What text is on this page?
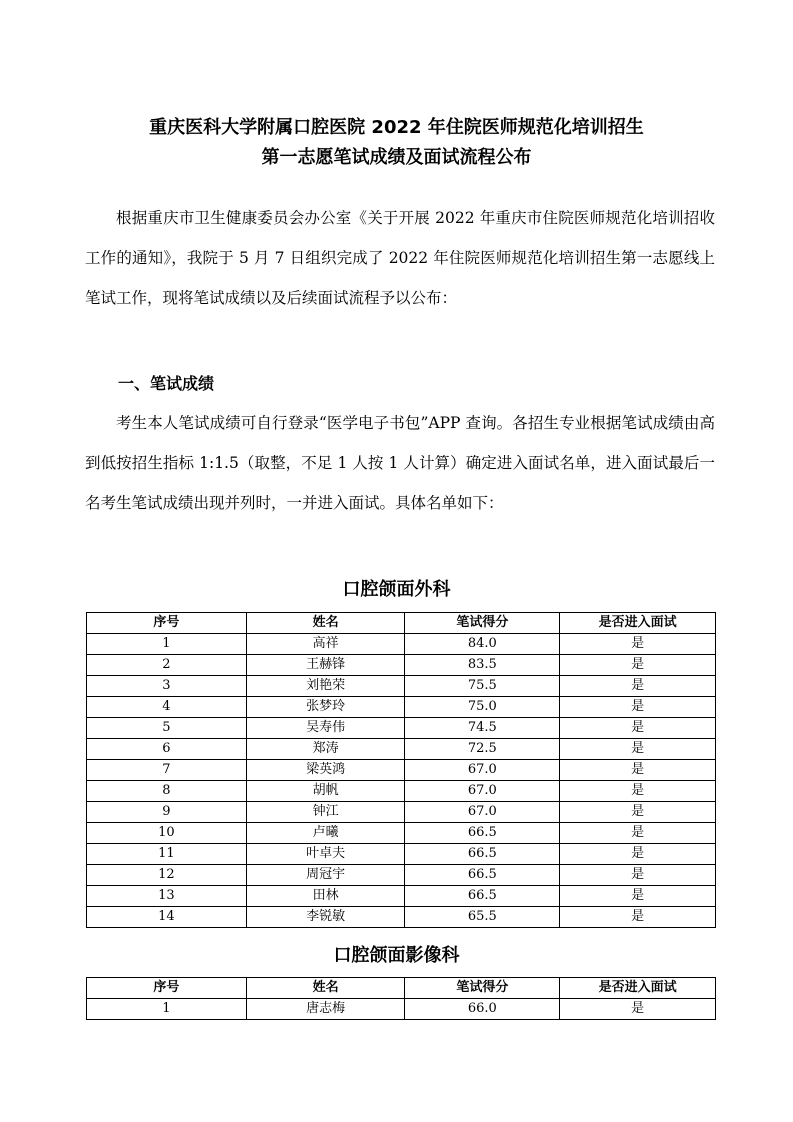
重庆医科大学附属口腔医院 2022 年住院医师规范化培训招生
第一志愿笔试成绩及面试流程公布

根据重庆市卫生健康委员会办公室《关于开展 2022 年重庆市住院医师规范化培训招收工作的通知》，我院于 5 月 7 日组织完成了 2022 年住院医师规范化培训招生第一志愿线上笔试工作，现将笔试成绩以及后续面试流程予以公布：

一、笔试成绩

考生本人笔试成绩可自行登录“医学电子书包”APP 查询。各招生专业根据笔试成绩由高到低按招生指标 1:1.5（取整，不足 1 人按 1 人计算）确定进入面试名单，进入面试最后一名考生笔试成绩出现并列时，一并进入面试。具体名单如下：

口腔颌面外科
序号	姓名	笔试得分	是否进入面试
1	高祥	84.0	是
2	王赫锋	83.5	是
3	刘艳荣	75.5	是
4	张梦玲	75.0	是
5	吴寿伟	74.5	是
6	郑涛	72.5	是
7	梁英鸿	67.0	是
8	胡帆	67.0	是
9	钟江	67.0	是
10	卢曦	66.5	是
11	叶卓夫	66.5	是
12	周冠宇	66.5	是
13	田林	66.5	是
14	李锐敏	65.5	是
口腔颌面影像科
序号	姓名	笔试得分	是否进入面试
1	唐志梅	66.0	是
